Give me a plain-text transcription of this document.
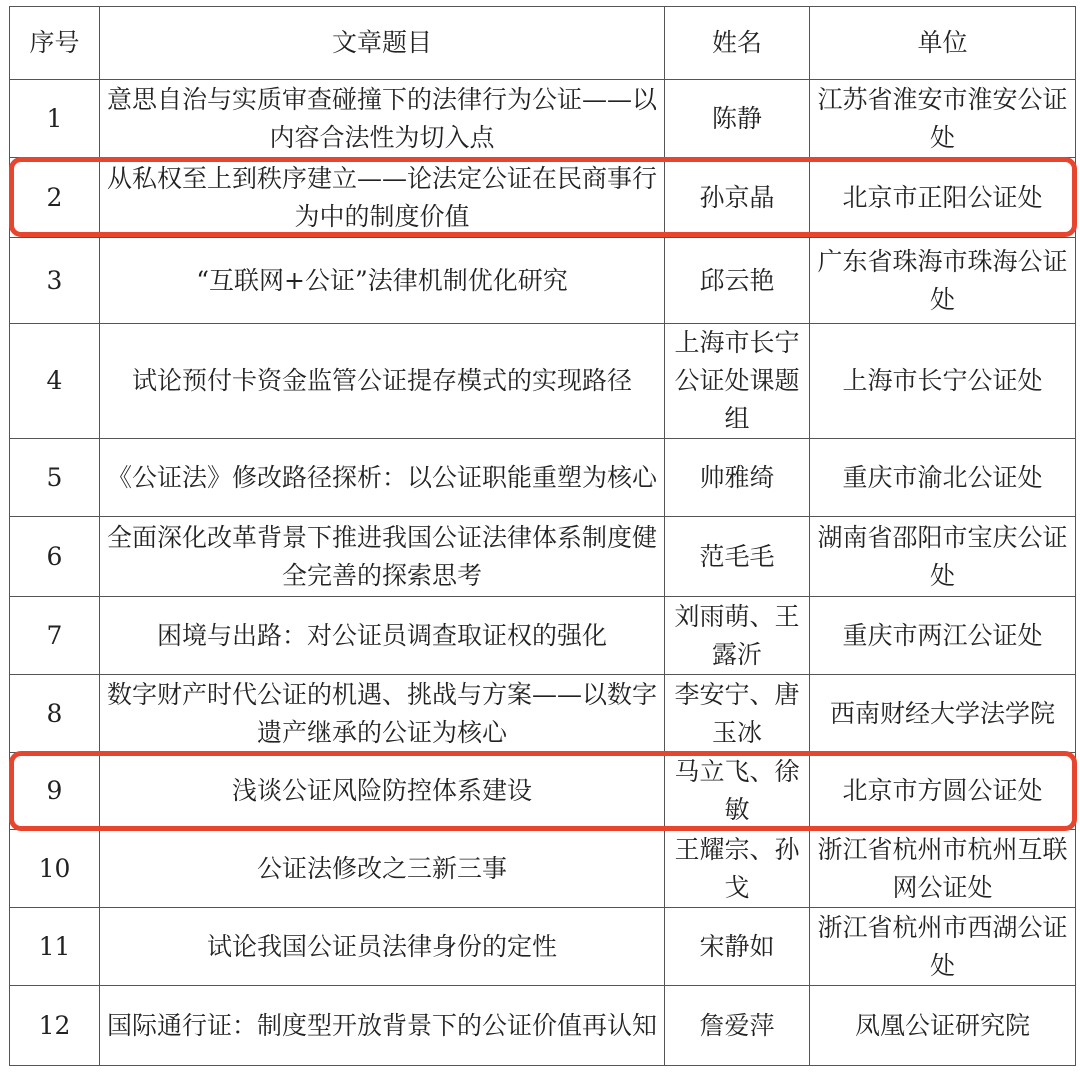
序号	文章题目	姓名	单位
1	意思自治与实质审查碰撞下的法律行为公证——以内容合法性为切入点	陈静	江苏省淮安市淮安公证处
2	从私权至上到秩序建立——论法定公证在民商事行为中的制度价值	孙京晶	北京市正阳公证处
3	“互联网+公证”法律机制优化研究	邱云艳	广东省珠海市珠海公证处
4	试论预付卡资金监管公证提存模式的实现路径	上海市长宁公证处课题组	上海市长宁公证处
5	《公证法》修改路径探析：以公证职能重塑为核心	帅雅绮	重庆市渝北公证处
6	全面深化改革背景下推进我国公证法律体系制度健全完善的探索思考	范毛毛	湖南省邵阳市宝庆公证处
7	困境与出路：对公证员调查取证权的强化	刘雨萌、王露沂	重庆市两江公证处
8	数字财产时代公证的机遇、挑战与方案——以数字遗产继承的公证为核心	李安宁、唐玉冰	西南财经大学法学院
9	浅谈公证风险防控体系建设	马立飞、徐敏	北京市方圆公证处
10	公证法修改之三新三事	王耀宗、孙戈	浙江省杭州市杭州互联网公证处
11	试论我国公证员法律身份的定性	宋静如	浙江省杭州市西湖公证处
12	国际通行证：制度型开放背景下的公证价值再认知	詹爱萍	凤凰公证研究院
